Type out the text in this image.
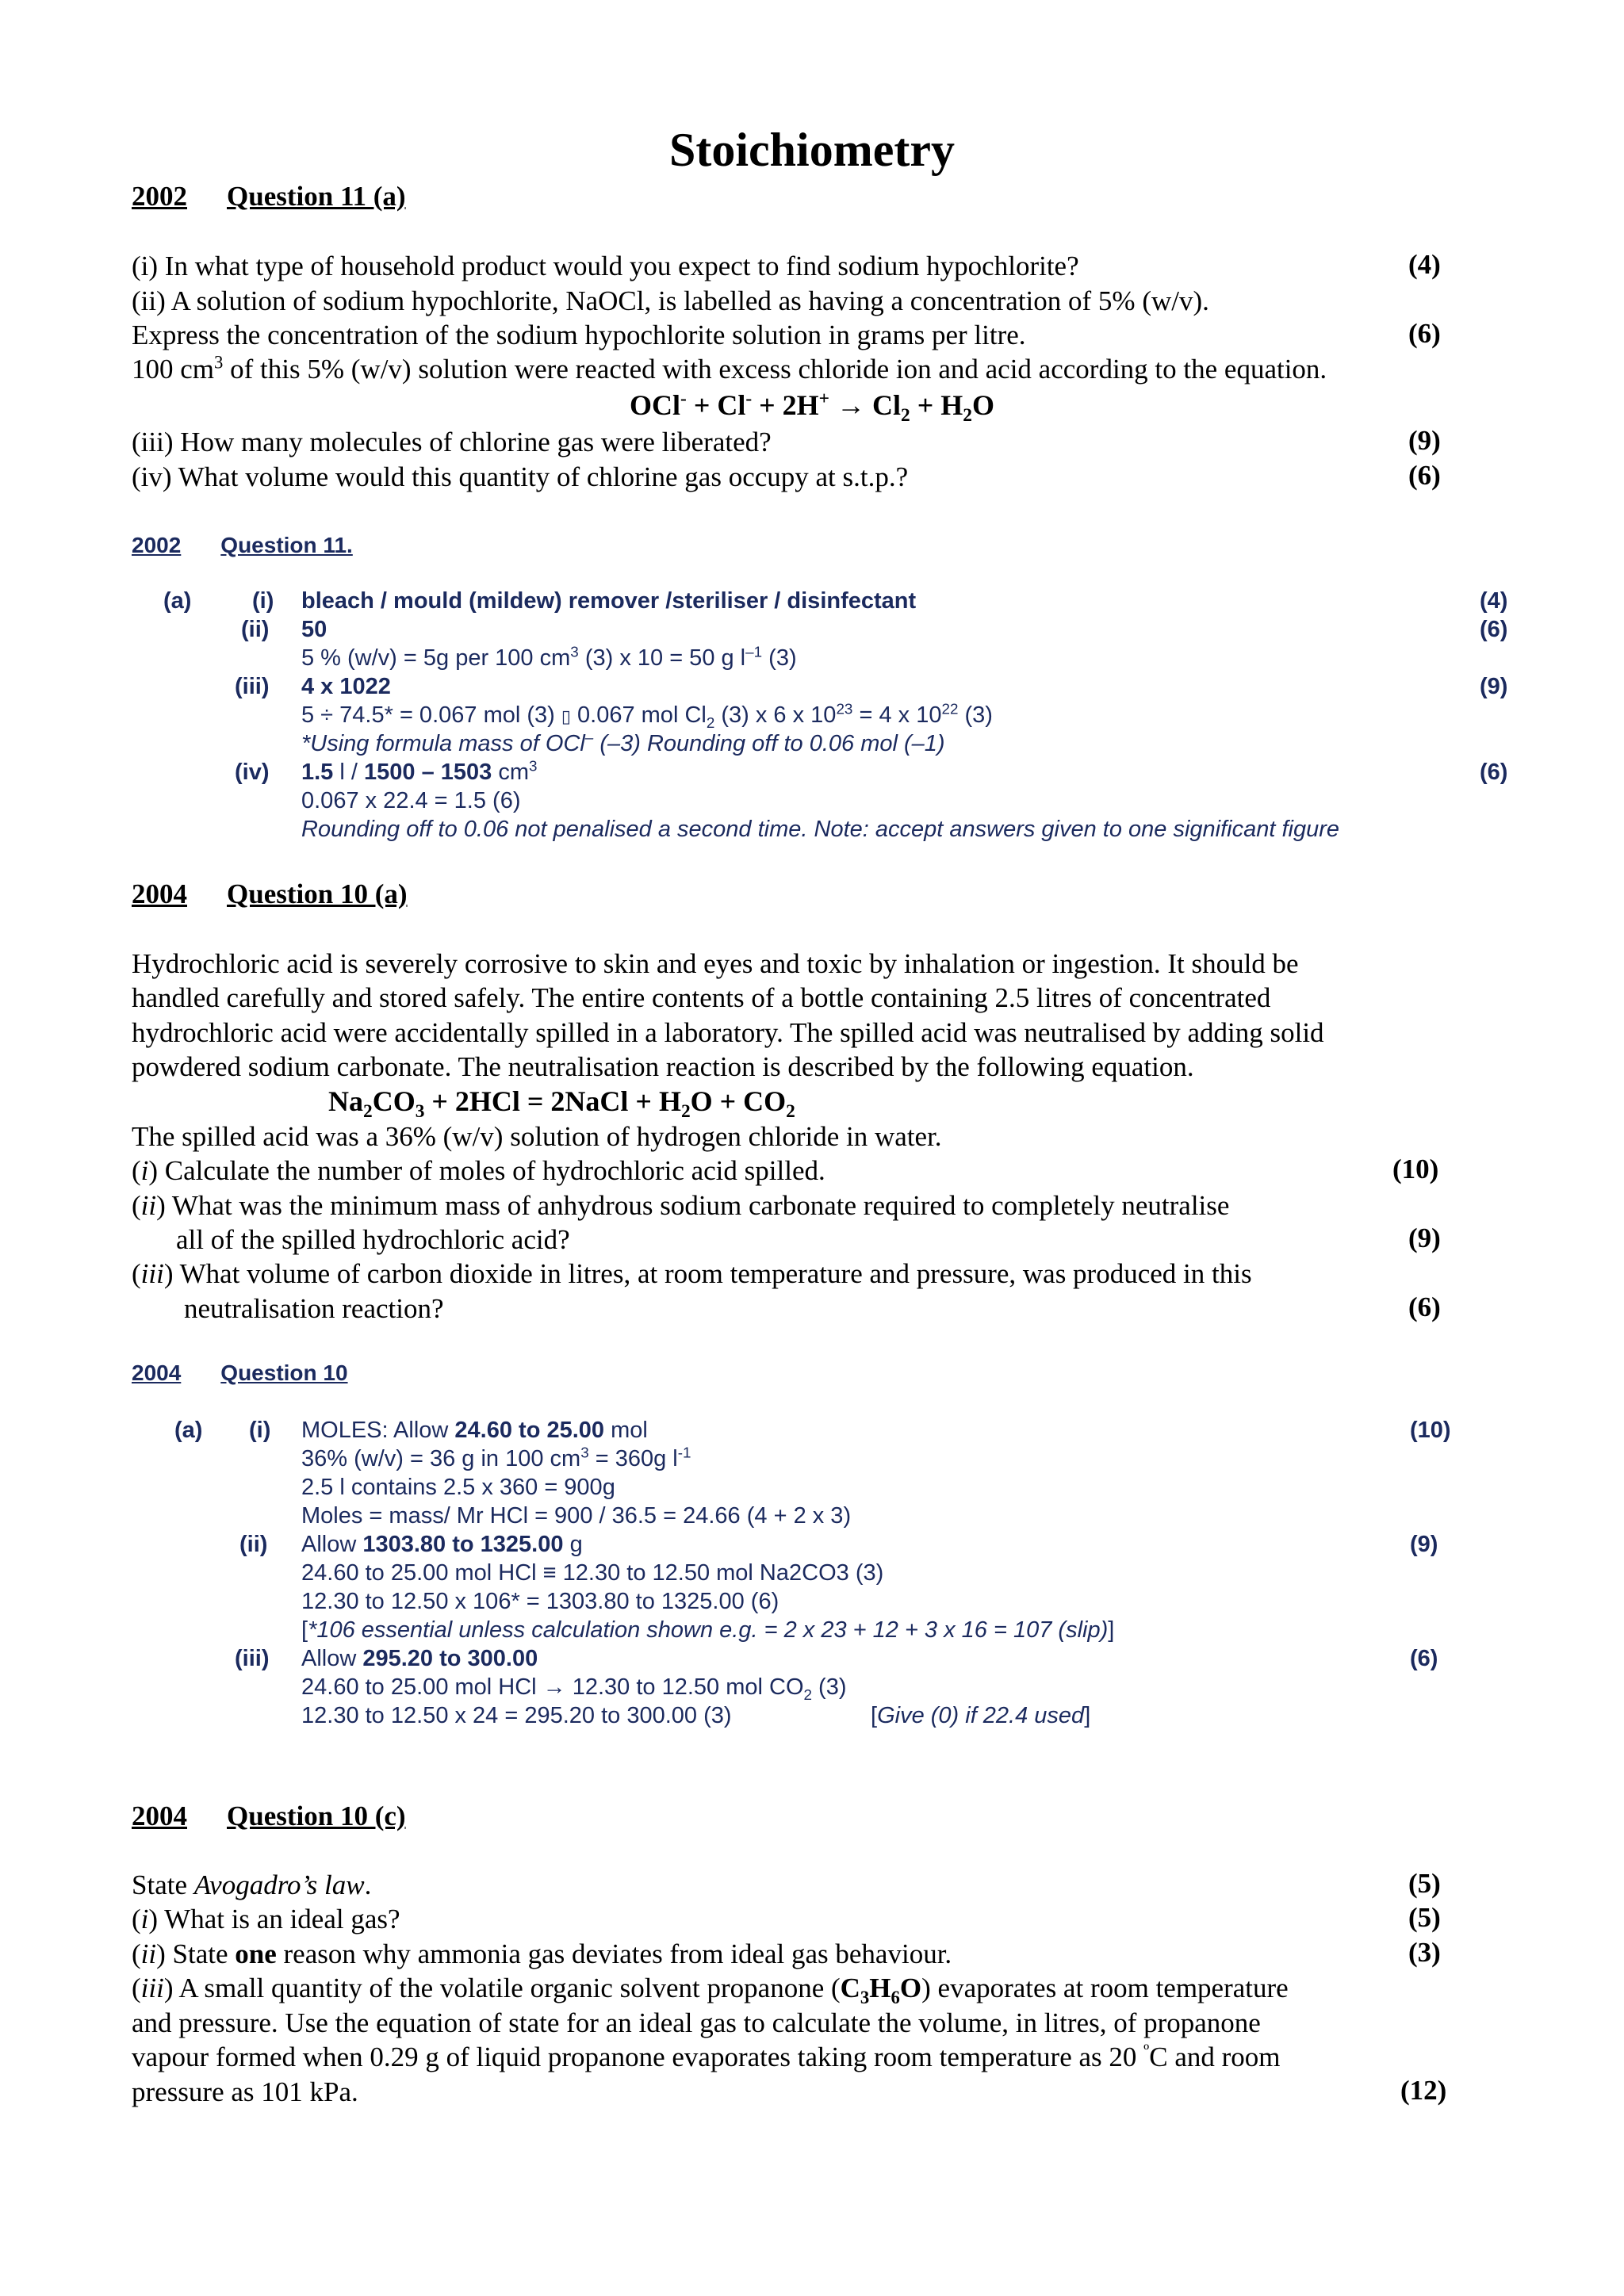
Stoichiometry
2002 Question 11 (a)
(i) In what type of household product would you expect to find sodium hypochlorite?	(4)
(ii) A solution of sodium hypochlorite, NaOCl, is labelled as having a concentration of 5% (w/v).
Express the concentration of the sodium hypochlorite solution in grams per litre.	(6)
100 $cm^3$ of this 5% (w/v) solution were reacted with excess chloride ion and acid according to the equation.
$OCl^- + Cl^- + 2H^+ \to Cl_2 + H_2O$
(iii) How many molecules of chlorine gas were liberated?	(9)
(iv) What volume would this quantity of chlorine gas occupy at s.t.p.?	(6)
2002 Question 11.
(a)	(i) bleach / mould (mildew) remover /steriliser / disinfectant	(4)
(ii) 50	(6)
5 % (w/v) = 5g per 100 $cm^3$ (3) x 10 = 50 g $l^{-1}$ (3)
(iii) 4 x 1022	(9)
5 ÷ 74.5* = 0.067 mol (3) ▯ 0.067 mol $Cl_2$ (3) x 6 x $10^{23} = 4$ x $10^{22}$ (3)
*Using formula mass of OCl– (–3) Rounding off to 0.06 mol (–1)
(iv) 1.5 l / 1500 – 1503 $cm^3$	(6)
0.067 x 22.4 = 1.5 (6)
Rounding off to 0.06 not penalised a second time. Note: accept answers given to one significant figure
2004 Question 10 (a)
Hydrochloric acid is severely corrosive to skin and eyes and toxic by inhalation or ingestion. It should be
handled carefully and stored safely. The entire contents of a bottle containing 2.5 litres of concentrated
hydrochloric acid were accidentally spilled in a laboratory. The spilled acid was neutralised by adding solid
powdered sodium carbonate. The neutralisation reaction is described by the following equation.
$Na_2CO_3 + 2HCl$ = 2NaCl + $H_2O + CO_2$
The spilled acid was a 36% (w/v) solution of hydrogen chloride in water.
(i) Calculate the number of moles of hydrochloric acid spilled.	(10)
(ii) What was the minimum mass of anhydrous sodium carbonate required to completely neutralise
all of the spilled hydrochloric acid?	(9)
(iii) What volume of carbon dioxide in litres, at room temperature and pressure, was produced in this
neutralisation reaction?	(6)
2004 Question 10
(a) (i) MOLES: Allow 24.60 to 25.00 mol	(10)
36% (w/v) = 36 g in 100 $cm^3 = 360g$ $l^{-1}$
2.5 l contains 2.5 x 360 = 900g
Moles = mass/ Mr HCl = 900 / 36.5 = 24.66 (4 + 2 x 3)
(ii) Allow 1303.80 to 1325.00 g	(9)
24.60 to 25.00 mol HCl ≡ 12.30 to 12.50 mol Na2CO3 (3)
12.30 to 12.50 x 106* = 1303.80 to 1325.00 (6)
[*106 essential unless calculation shown e.g. = 2 x 23 + 12 + 3 x 16 = 107 (slip)]
(iii) Allow 295.20 to 300.00	(6)
24.60 to 25.00 mol HCl → 12.30 to 12.50 mol $CO_2$ (3)
12.30 to 12.50 x 24 = 295.20 to 300.00 (3)	[Give (0) if 22.4 used]
2004 Question 10 (c)
State Avogadro’s law.	(5)
(i) What is an ideal gas?	(5)
(ii) State one reason why ammonia gas deviates from ideal gas behaviour.	(3)
(iii) A small quantity of the volatile organic solvent propanone $(C_3H_6O)$ evaporates at room temperature
and pressure. Use the equation of state for an ideal gas to calculate the volume, in litres, of propanone
vapour formed when 0.29 g of liquid propanone evaporates taking room temperature as 20 $^º$C and room
pressure as 101 kPa.	(12)
